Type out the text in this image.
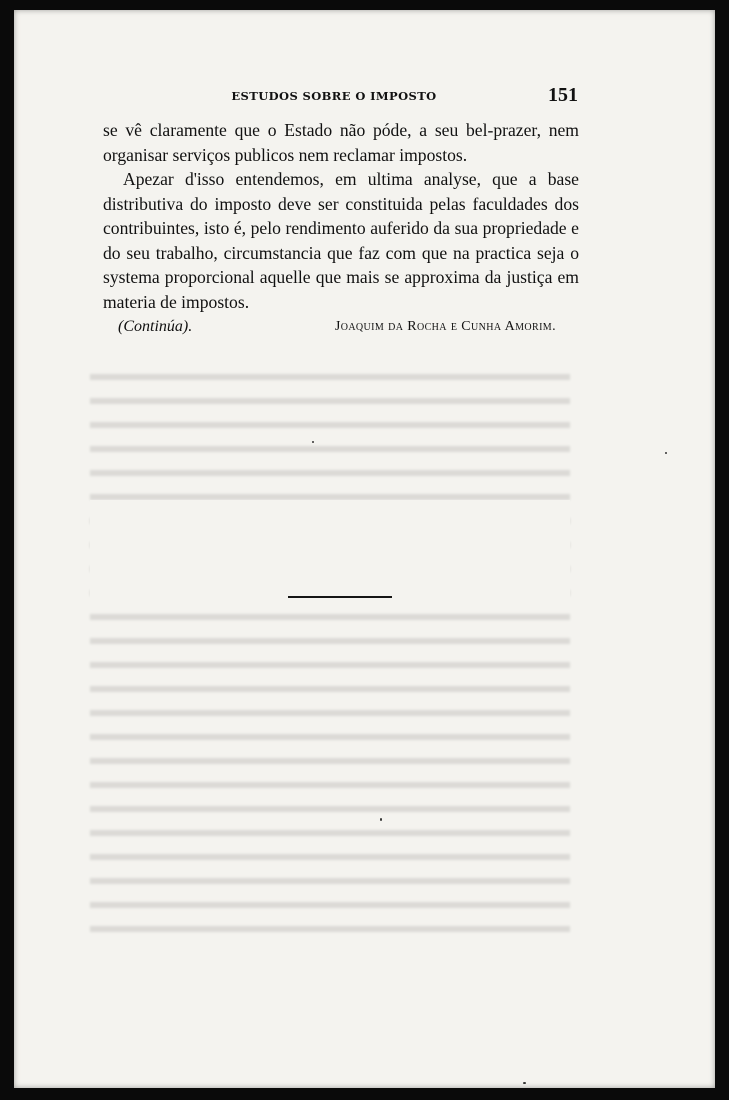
ESTUDOS SOBRE O IMPOSTO	151

se vê claramente que o Estado não póde, a seu bel-prazer, nem organisar serviços publicos nem reclamar impostos.

Apezar d'isso entendemos, em ultima analyse, que a base distributiva do imposto deve ser constituida pelas faculdades dos contribuintes, isto é, pelo rendimento auferido da sua propriedade e do seu trabalho, circumstancia que faz com que na practica seja o systema proporcional aquelle que mais se approxima da justiça em materia de impostos.

(Continúa).	Joaquim da Rocha e Cunha Amorim.
